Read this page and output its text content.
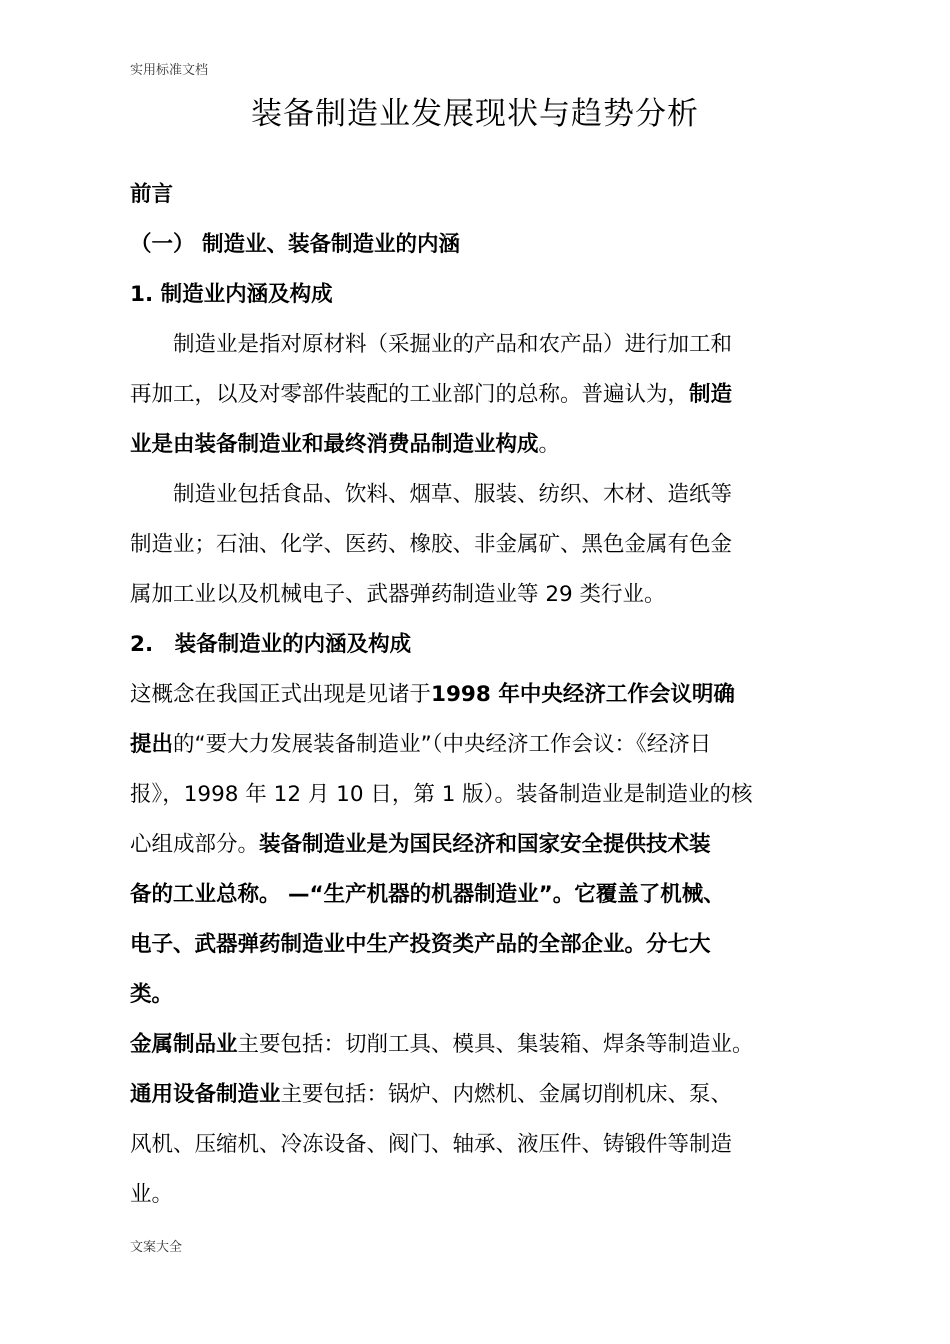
实用标准文档
装备制造业发展现状与趋势分析
前言
（一） 制造业、装备制造业的内涵
1. 制造业内涵及构成
　　制造业是指对原材料（采掘业的产品和农产品）进行加工和
再加工，以及对零部件装配的工业部门的总称。普遍认为，制造
业是由装备制造业和最终消费品制造业构成。
　　制造业包括食品、饮料、烟草、服装、纺织、木材、造纸等
制造业；石油、化学、医药、橡胶、非金属矿、黑色金属有色金
属加工业以及机械电子、武器弹药制造业等 29 类行业。
2.　装备制造业的内涵及构成
这概念在我国正式出现是见诸于1998 年中央经济工作会议明确
提出的“要大力发展装备制造业”（中央经济工作会议：《经济日
报》，1998 年 12 月 10 日，第 1 版）。装备制造业是制造业的核
心组成部分。装备制造业是为国民经济和国家安全提供技术装
备的工业总称。 —“生产机器的机器制造业”。它覆盖了机械、
电子、武器弹药制造业中生产投资类产品的全部企业。分七大
类。
金属制品业主要包括：切削工具、模具、集装箱、焊条等制造业。
通用设备制造业主要包括：锅炉、内燃机、金属切削机床、泵、
风机、压缩机、冷冻设备、阀门、轴承、液压件、铸锻件等制造
业。
文案大全
